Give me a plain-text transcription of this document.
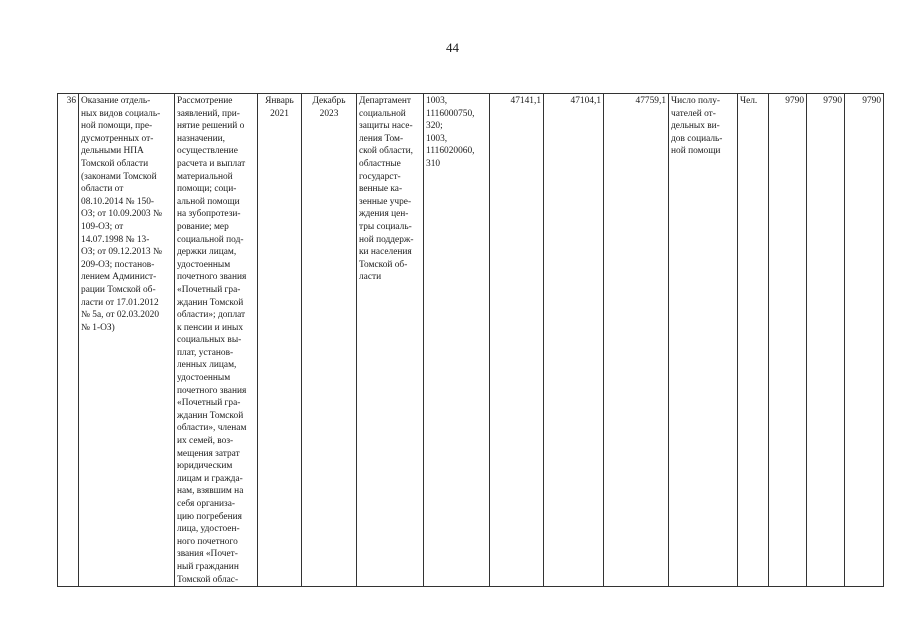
44
36	Оказание отдель-
ных видов социаль-
ной помощи, пре-
дусмотренных от-
дельными НПА
Томской области
(законами Томской
области от
08.10.2014 № 150-
ОЗ; от 10.09.2003 №
109-ОЗ; от
14.07.1998 № 13-
ОЗ; от 09.12.2013 №
209-ОЗ; постанов-
лением Админист-
рации Томской об-
ласти от 17.01.2012
№ 5а, от 02.03.2020
№ 1-ОЗ)	Рассмотрение
заявлений, при-
нятие решений о
назначении,
осуществление
расчета и выплат
материальной
помощи; соци-
альной помощи
на зубопротези-
рование; мер
социальной под-
держки лицам,
удостоенным
почетного звания
«Почетный гра-
жданин Томской
области»; доплат
к пенсии и иных
социальных вы-
плат, установ-
ленных лицам,
удостоенным
почетного звания
«Почетный гра-
жданин Томской
области», членам
их семей, воз-
мещения затрат
юридическим
лицам и гражда-
нам, взявшим на
себя организа-
цию погребения
лица, удостоен-
ного почетного
звания «Почет-
ный гражданин
Томской облас-	Январь
2021	Декабрь
2023	Департамент
социальной
защиты насе-
ления Том-
ской области,
областные
государст-
венные ка-
зенные учре-
ждения цен-
тры социаль-
ной поддерж-
ки населения
Томской об-
ласти	1003,
1116000750,
320;
1003,
1116020060,
310	47141,1	47104,1	47759,1	Число полу-
чателей от-
дельных ви-
дов социаль-
ной помощи	Чел.	9790	9790	9790
